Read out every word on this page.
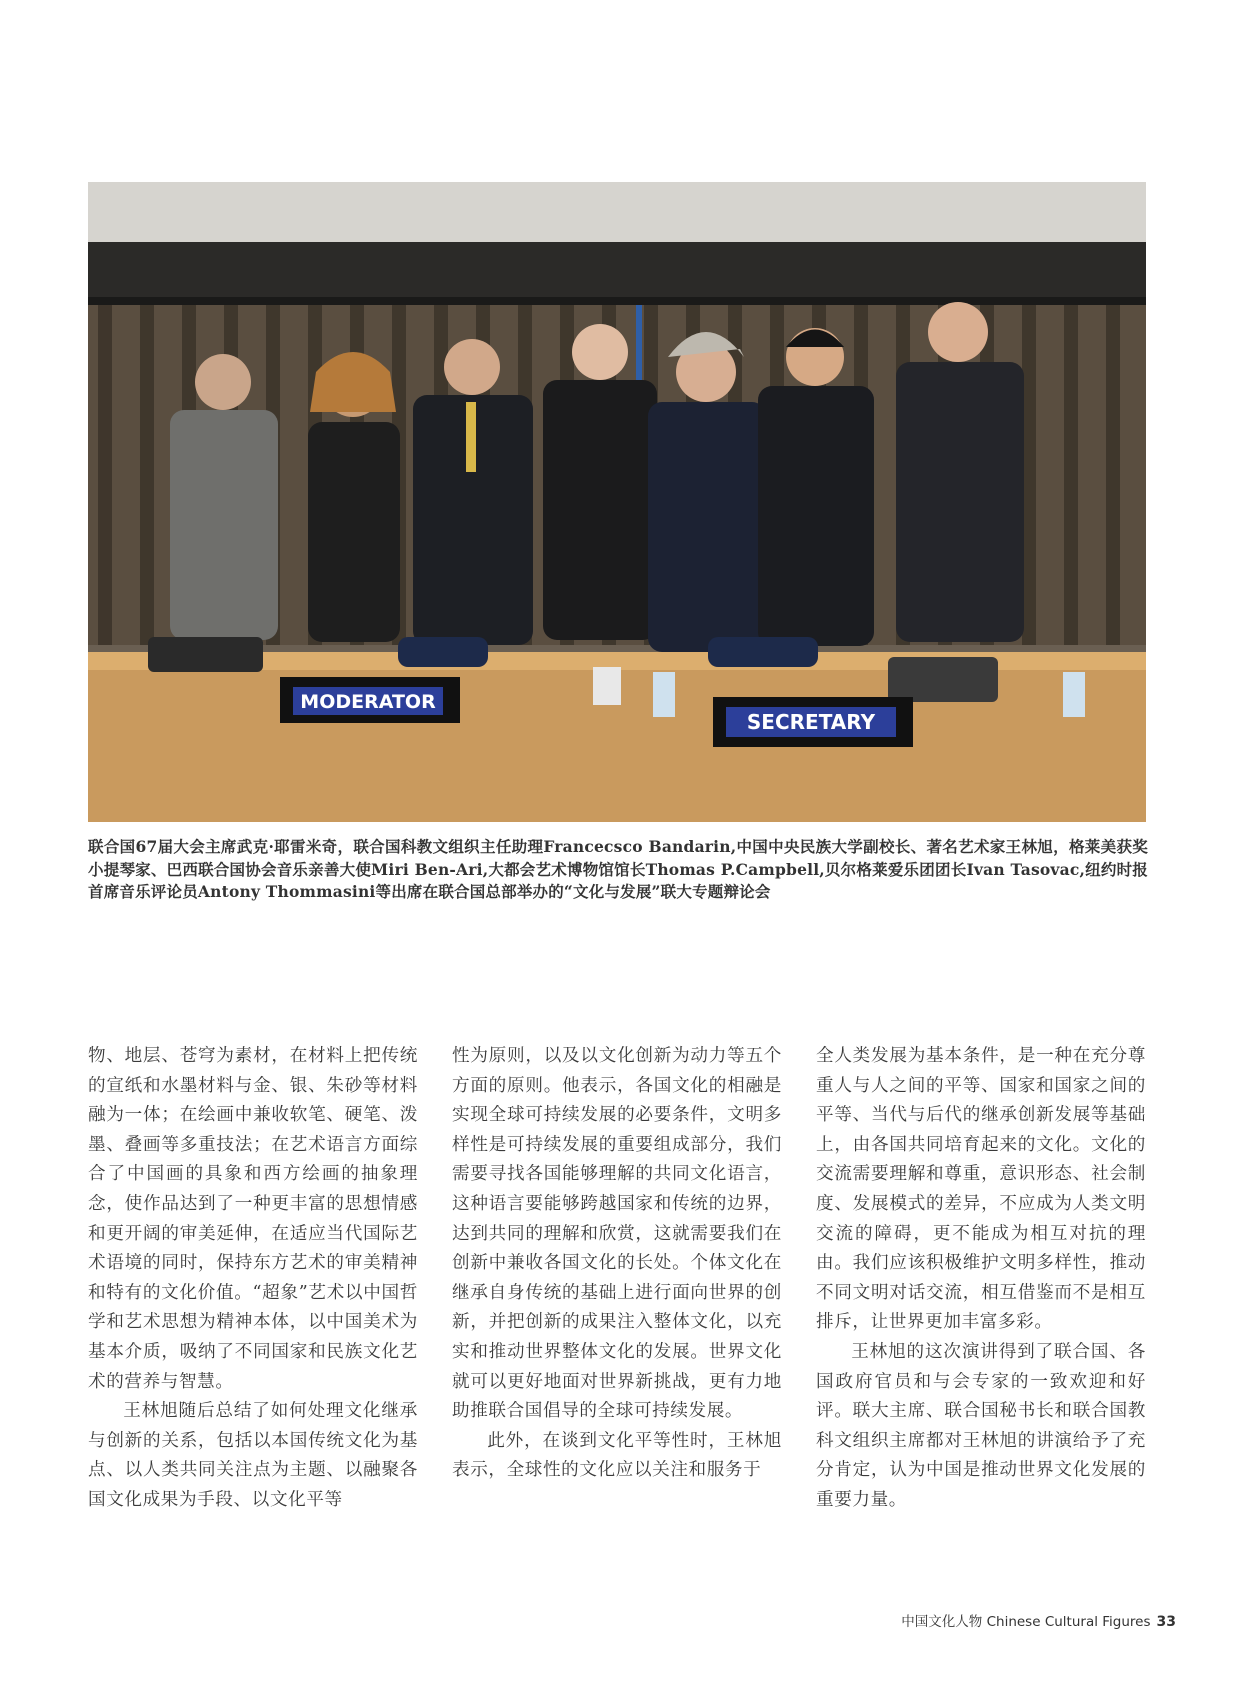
MODERATOR
SECRETARY
联合国67届大会主席武克·耶雷米奇，联合国科教文组织主任助理Francecsco Bandarin,中国中央民族大学副校长、著名艺术家王林旭，格莱美获奖小提琴家、巴西联合国协会音乐亲善大使Miri Ben-Ari,大都会艺术博物馆馆长Thomas P.Campbell,贝尔格莱爱乐团团长Ivan Tasovac,纽约时报首席音乐评论员Antony Thommasini等出席在联合国总部举办的“文化与发展”联大专题辩论会

物、地层、苍穹为素材，在材料上把传统的宣纸和水墨材料与金、银、朱砂等材料融为一体；在绘画中兼收软笔、硬笔、泼墨、叠画等多重技法；在艺术语言方面综合了中国画的具象和西方绘画的抽象理念，使作品达到了一种更丰富的思想情感和更开阔的审美延伸，在适应当代国际艺术语境的同时，保持东方艺术的审美精神和特有的文化价值。“超象”艺术以中国哲学和艺术思想为精神本体，以中国美术为基本介质，吸纳了不同国家和民族文化艺术的营养与智慧。

王林旭随后总结了如何处理文化继承与创新的关系，包括以本国传统文化为基点、以人类共同关注点为主题、以融聚各国文化成果为手段、以文化平等

性为原则，以及以文化创新为动力等五个方面的原则。他表示，各国文化的相融是实现全球可持续发展的必要条件，文明多样性是可持续发展的重要组成部分，我们需要寻找各国能够理解的共同文化语言，这种语言要能够跨越国家和传统的边界，达到共同的理解和欣赏，这就需要我们在创新中兼收各国文化的长处。个体文化在继承自身传统的基础上进行面向世界的创新，并把创新的成果注入整体文化，以充实和推动世界整体文化的发展。世界文化就可以更好地面对世界新挑战，更有力地助推联合国倡导的全球可持续发展。

此外，在谈到文化平等性时，王林旭表示，全球性的文化应以关注和服务于

全人类发展为基本条件，是一种在充分尊重人与人之间的平等、国家和国家之间的平等、当代与后代的继承创新发展等基础上，由各国共同培育起来的文化。文化的交流需要理解和尊重，意识形态、社会制度、发展模式的差异，不应成为人类文明交流的障碍，更不能成为相互对抗的理由。我们应该积极维护文明多样性，推动不同文明对话交流，相互借鉴而不是相互排斥，让世界更加丰富多彩。

王林旭的这次演讲得到了联合国、各国政府官员和与会专家的一致欢迎和好评。联大主席、联合国秘书长和联合国教科文组织主席都对王林旭的讲演给予了充分肯定，认为中国是推动世界文化发展的重要力量。

中国文化人物 Chinese Cultural Figures 33
